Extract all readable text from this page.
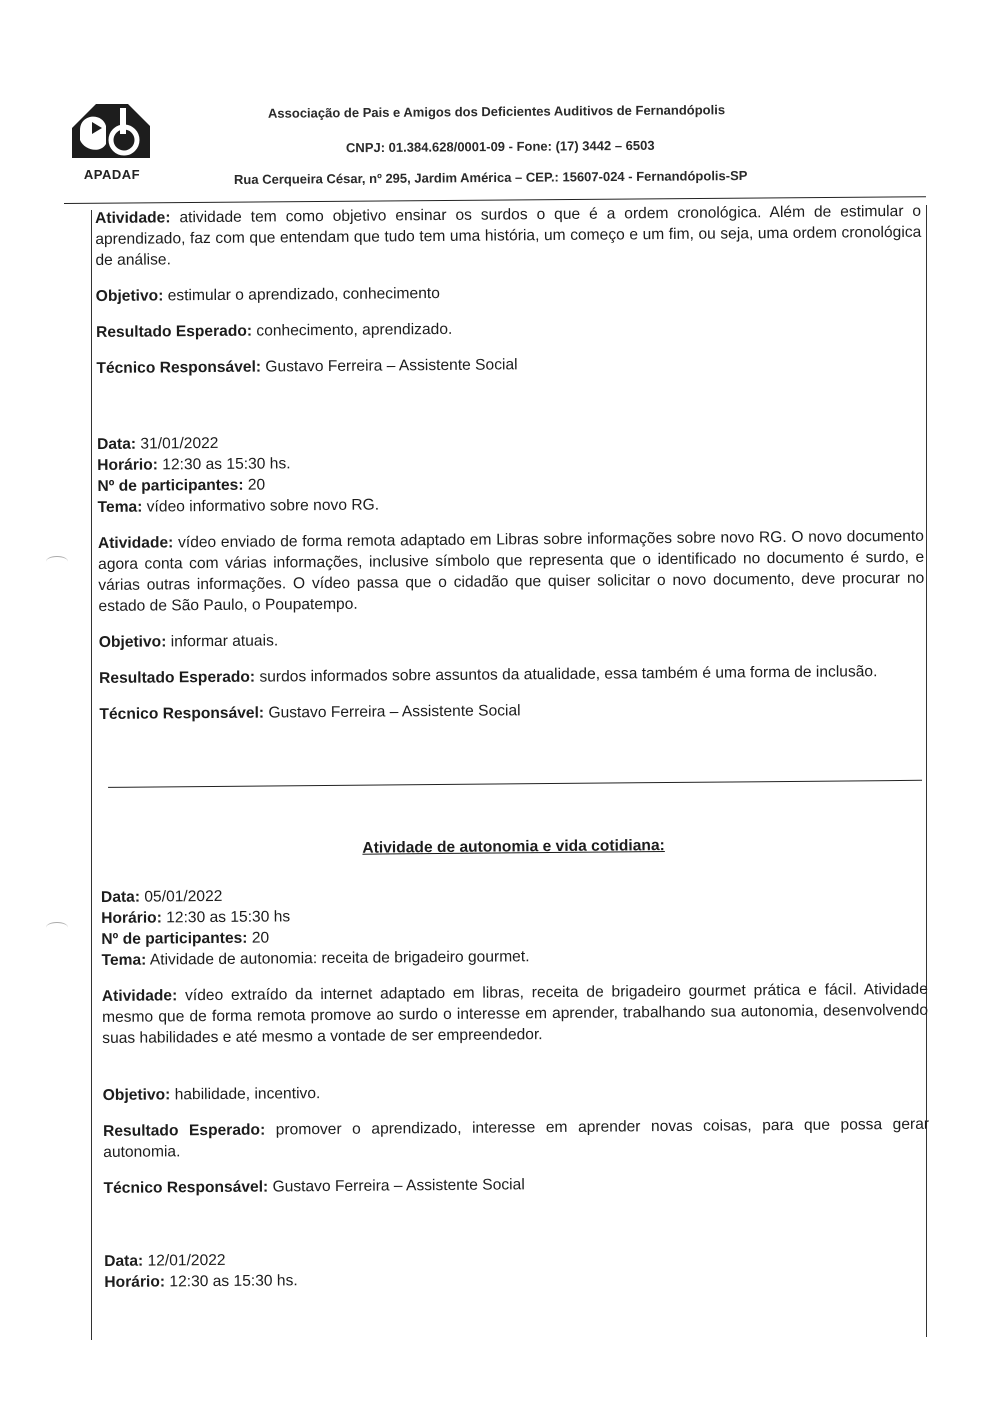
APADAF
Associação de Pais e Amigos dos Deficientes Auditivos de Fernandópolis
CNPJ: 01.384.628/0001-09 - Fone: (17) 3442 – 6503
Rua Cerqueira César, nº 295, Jardim América – CEP.: 15607-024 - Fernandópolis-SP

Atividade: atividade tem como objetivo ensinar os surdos o que é a ordem cronológica. Além de estimular o aprendizado, faz com que entendam que tudo tem uma história, um começo e um fim, ou seja, uma ordem cronológica de análise.

Objetivo: estimular o aprendizado, conhecimento

Resultado Esperado: conhecimento, aprendizado.

Técnico Responsável: Gustavo Ferreira – Assistente Social

Data: 31/01/2022

Horário: 12:30 as 15:30 hs.

Nº de participantes: 20

Tema: vídeo informativo sobre novo RG.

Atividade: vídeo enviado de forma remota adaptado em Libras sobre informações sobre novo RG. O novo documento agora conta com várias informações, inclusive símbolo que representa que o identificado no documento é surdo, e várias outras informações. O vídeo passa que o cidadão que quiser solicitar o novo documento, deve procurar no estado de São Paulo, o Poupatempo.

Objetivo: informar atuais.

Resultado Esperado: surdos informados sobre assuntos da atualidade, essa também é uma forma de inclusão.

Técnico Responsável: Gustavo Ferreira – Assistente Social

Atividade de autonomia e vida cotidiana:

Data: 05/01/2022

Horário: 12:30 as 15:30 hs

Nº de participantes: 20

Tema: Atividade de autonomia: receita de brigadeiro gourmet.

Atividade: vídeo extraído da internet adaptado em libras, receita de brigadeiro gourmet prática e fácil. Atividade mesmo que de forma remota promove ao surdo o interesse em aprender, trabalhando sua autonomia, desenvolvendo suas habilidades e até mesmo a vontade de ser empreendedor.

Objetivo: habilidade, incentivo.

Resultado Esperado: promover o aprendizado, interesse em aprender novas coisas, para que possa gerar autonomia.

Técnico Responsável: Gustavo Ferreira – Assistente Social

Data: 12/01/2022

Horário: 12:30 as 15:30 hs.
